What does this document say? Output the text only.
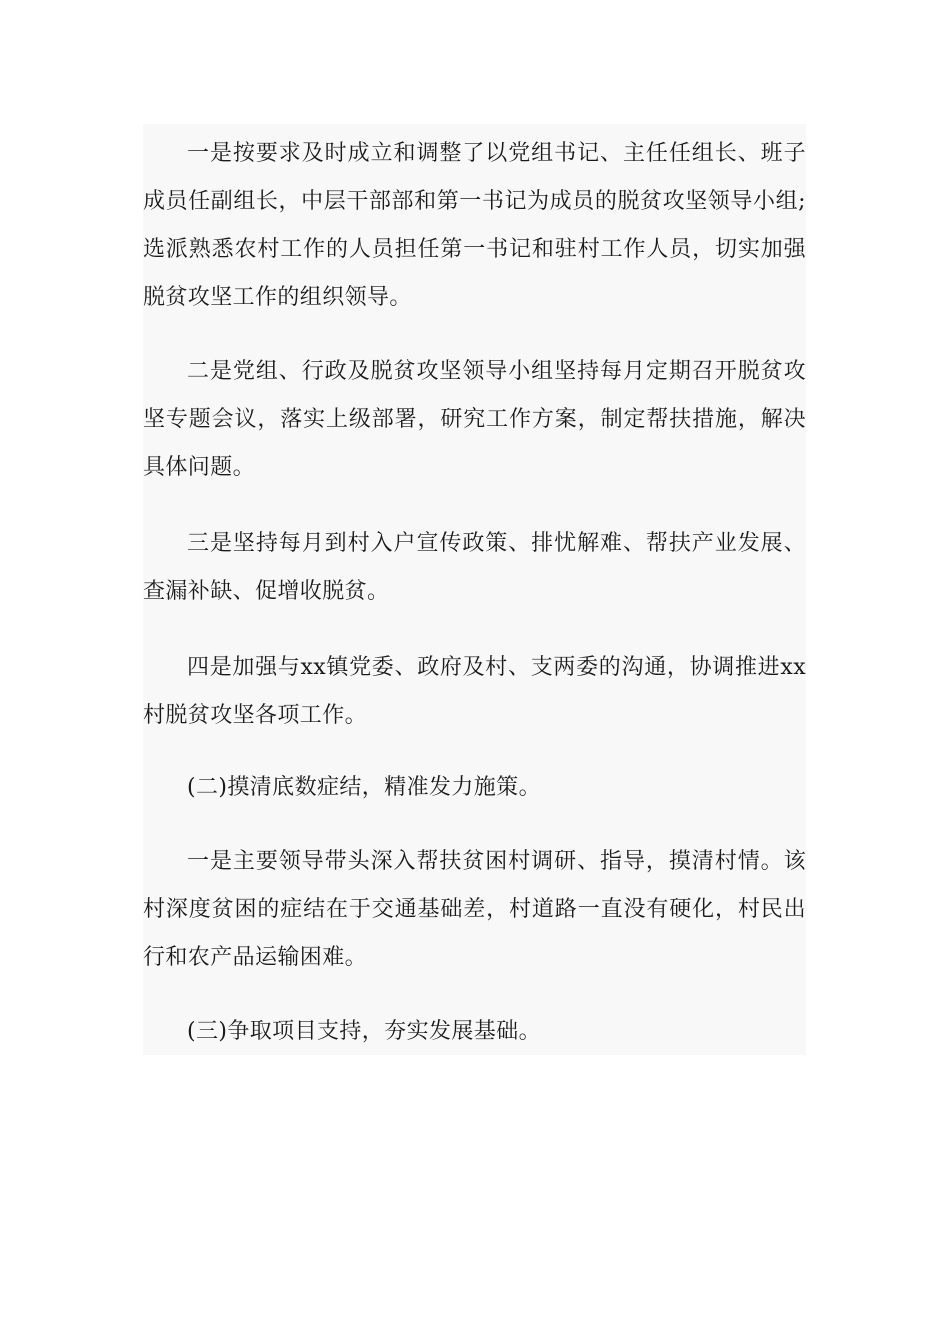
一是按要求及时成立和调整了以党组书记、主任任组长、班子成员任副组长，中层干部部和第一书记为成员的脱贫攻坚领导小组;选派熟悉农村工作的人员担任第一书记和驻村工作人员，切实加强脱贫攻坚工作的组织领导。

二是党组、行政及脱贫攻坚领导小组坚持每月定期召开脱贫攻坚专题会议，落实上级部署，研究工作方案，制定帮扶措施，解决具体问题。

三是坚持每月到村入户宣传政策、排忧解难、帮扶产业发展、查漏补缺、促增收脱贫。

四是加强与xx镇党委、政府及村、支两委的沟通，协调推进xx村脱贫攻坚各项工作。

(二)摸清底数症结，精准发力施策。

一是主要领导带头深入帮扶贫困村调研、指导，摸清村情。该村深度贫困的症结在于交通基础差，村道路一直没有硬化，村民出行和农产品运输困难。

(三)争取项目支持，夯实发展基础。
